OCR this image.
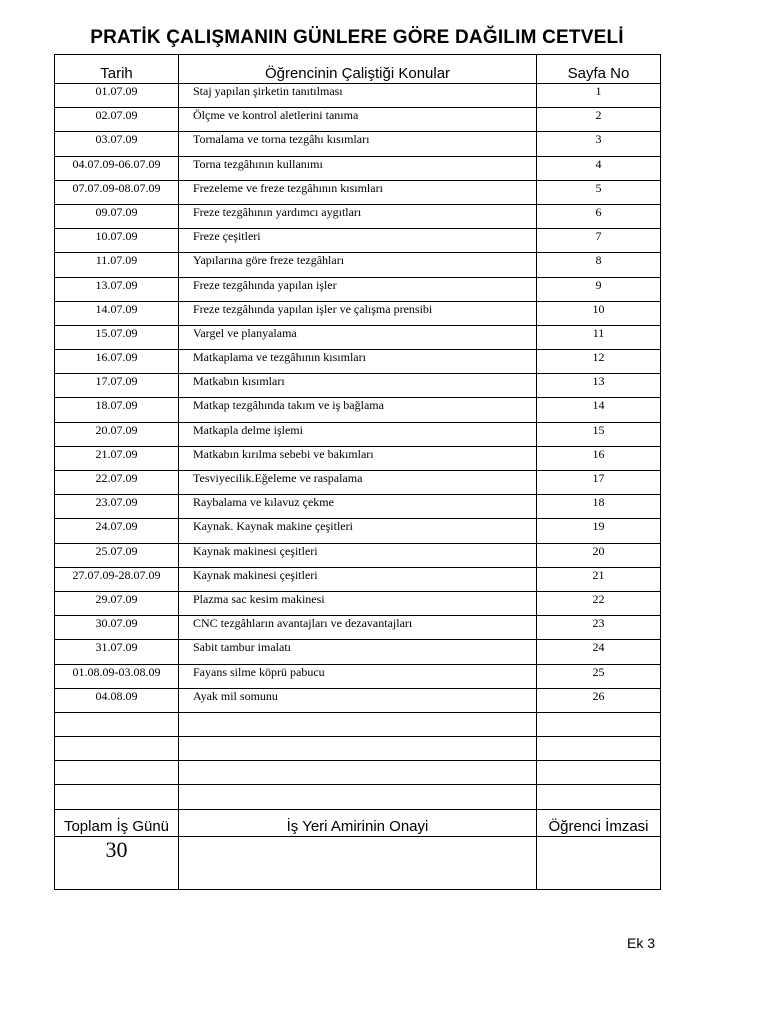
PRATİK ÇALIŞMANIN GÜNLERE GÖRE DAĞILIM CETVELİ
Tarih	Öğrencinin Çaliştiği Konular	Sayfa No
01.07.09	Staj yapılan şirketin tanıtılması	1
02.07.09	Ölçme ve kontrol aletlerini tanıma	2
03.07.09	Tornalama ve torna tezgâhı kısımları	3
04.07.09-06.07.09	Torna tezgâhının kullanımı	4
07.07.09-08.07.09	Frezeleme ve freze tezgâhının kısımları	5
09.07.09	Freze tezgâhının yardımcı aygıtları	6
10.07.09	Freze çeşitleri	7
11.07.09	Yapılarına göre freze tezgâhları	8
13.07.09	Freze tezgâhında yapılan işler	9
14.07.09	Freze tezgâhında yapılan işler ve çalışma prensibi	10
15.07.09	Vargel ve planyalama	11
16.07.09	Matkaplama ve tezgâhının kısımları	12
17.07.09	Matkabın kısımları	13
18.07.09	Matkap tezgâhında takım ve iş bağlama	14
20.07.09	Matkapla delme işlemi	15
21.07.09	Matkabın kırılma sebebi ve bakımları	16
22.07.09	Tesviyecilik.Eğeleme ve raspalama	17
23.07.09	Raybalama ve kılavuz çekme	18
24.07.09	Kaynak. Kaynak makine çeşitleri	19
25.07.09	Kaynak makinesi çeşitleri	20
27.07.09-28.07.09	Kaynak makinesi çeşitleri	21
29.07.09	Plazma sac kesim makinesi	22
30.07.09	CNC tezgâhların avantajları ve dezavantajları	23
31.07.09	Sabit tambur imalatı	24
01.08.09-03.08.09	Fayans silme köprü pabucu	25
04.08.09	Ayak mil somunu	26

Toplam İş Günü	İş Yeri Amirinin Onayi	Öğrenci İmzasi
30		
Ek 3
